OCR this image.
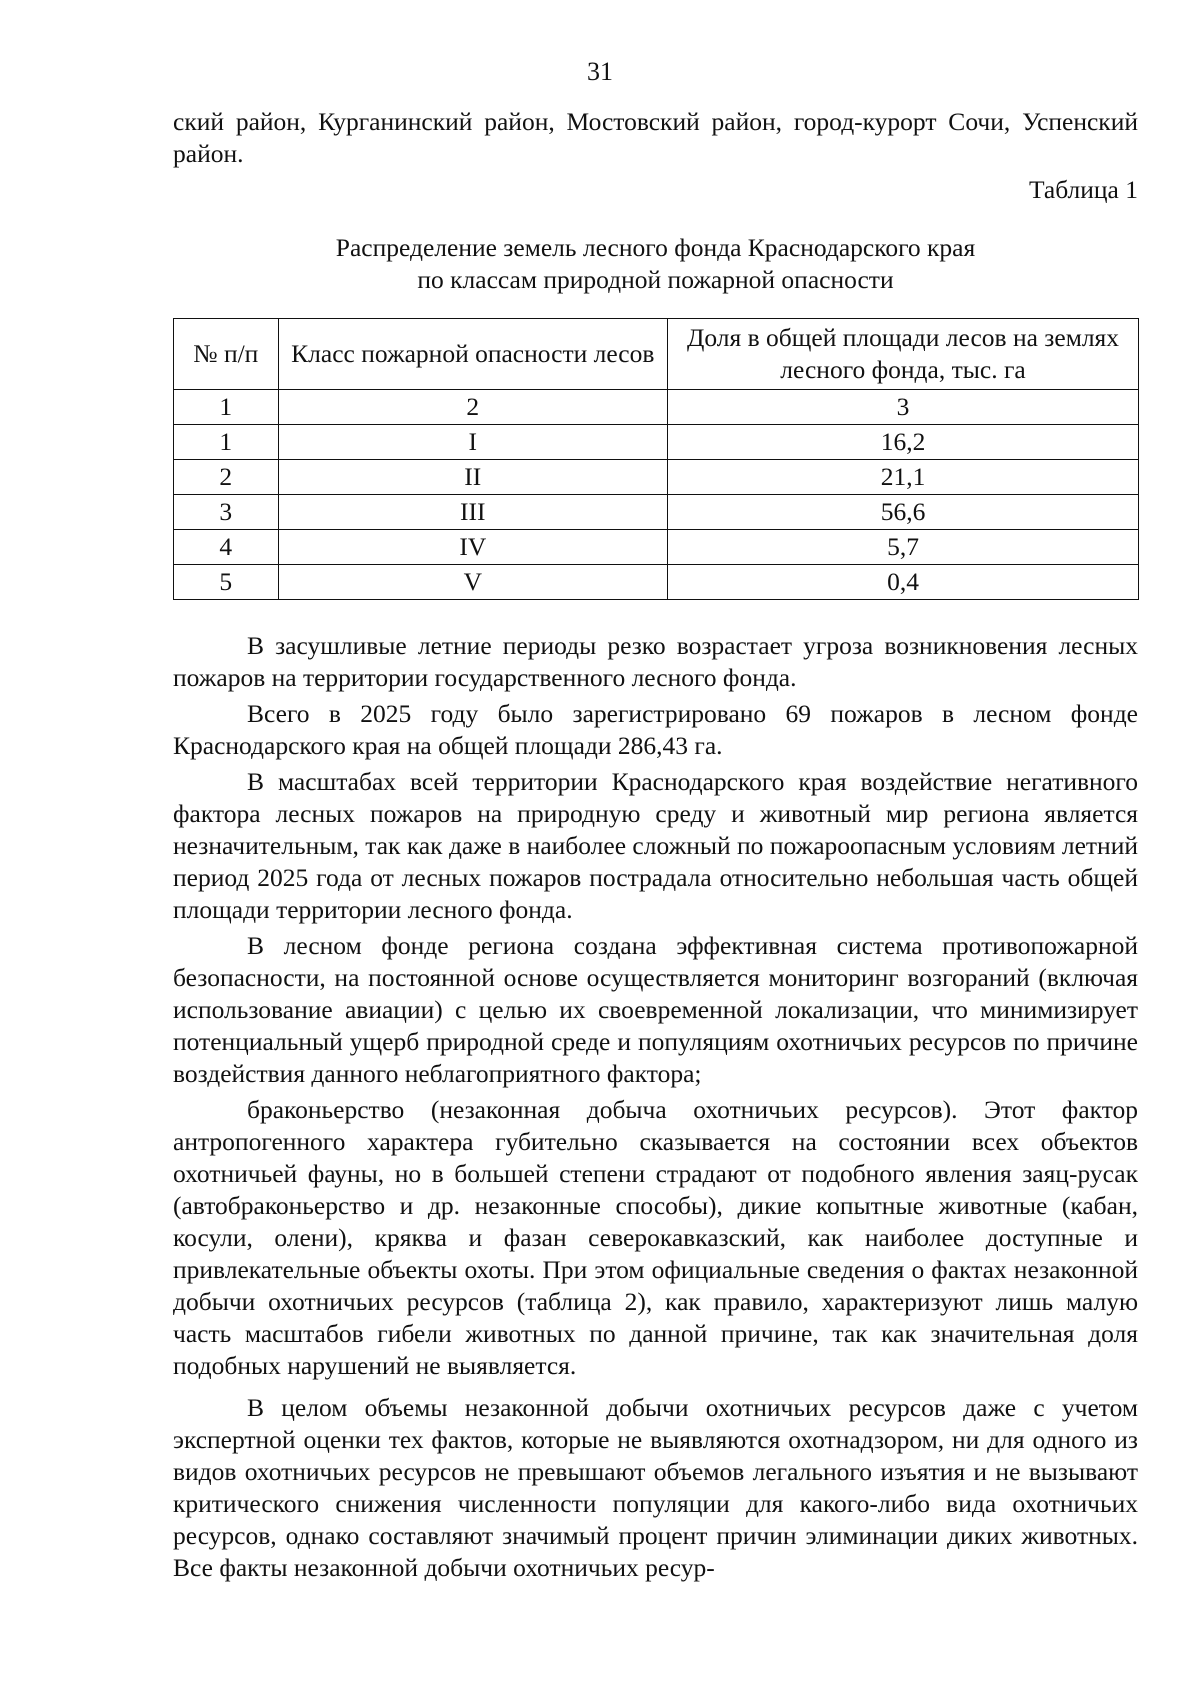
31
ский район, Курганинский район, Мостовский район, город-курорт Сочи, Успенский район.
Таблица 1
Распределение земель лесного фонда Краснодарского края
по классам природной пожарной опасности
№ п/п	Класс пожарной опасности лесов	Доля в общей площади лесов на землях лесного фонда, тыс. га
1	2	3
1	I	16,2
2	II	21,1
3	III	56,6
4	IV	5,7
5	V	0,4

В засушливые летние периоды резко возрастает угроза возникновения лесных пожаров на территории государственного лесного фонда.

Всего в 2025 году было зарегистрировано 69 пожаров в лесном фонде Краснодарского края на общей площади 286,43 га.

В масштабах всей территории Краснодарского края воздействие негативного фактора лесных пожаров на природную среду и животный мир региона является незначительным, так как даже в наиболее сложный по пожароопасным условиям летний период 2025 года от лесных пожаров пострадала относительно небольшая часть общей площади территории лесного фонда.

В лесном фонде региона создана эффективная система противопожарной безопасности, на постоянной основе осуществляется мониторинг возгораний (включая использование авиации) с целью их своевременной локализации, что минимизирует потенциальный ущерб природной среде и популяциям охотничьих ресурсов по причине воздействия данного неблагоприятного фактора;

браконьерство (незаконная добыча охотничьих ресурсов). Этот фактор антропогенного характера губительно сказывается на состоянии всех объектов охотничьей фауны, но в большей степени страдают от подобного явления заяц-русак (автобраконьерство и др. незаконные способы), дикие копытные животные (кабан, косули, олени), кряква и фазан северокавказский, как наиболее доступные и привлекательные объекты охоты. При этом официальные сведения о фактах незаконной добычи охотничьих ресурсов (таблица 2), как правило, характеризуют лишь малую часть масштабов гибели животных по данной причине, так как значительная доля подобных нарушений не выявляется.

В целом объемы незаконной добычи охотничьих ресурсов даже с учетом экспертной оценки тех фактов, которые не выявляются охотнадзором, ни для одного из видов охотничьих ресурсов не превышают объемов легального изъятия и не вызывают критического снижения численности популяции для какого-либо вида охотничьих ресурсов, однако составляют значимый процент причин элиминации диких животных. Все факты незаконной добычи охотничьих ресур-
